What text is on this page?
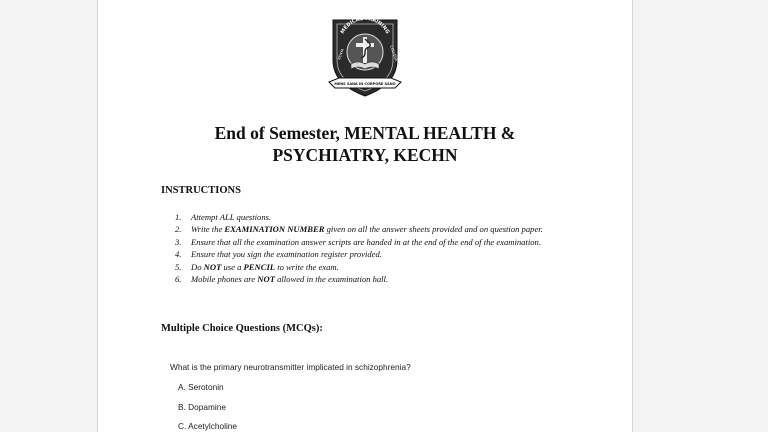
MEDICAL TRAINING
KENYA	COLLEGE
MENS SANA IN CORPORE SANO
End of Semester, MENTAL HEALTH &
PSYCHIATRY, KECHN
INSTRUCTIONS
1. Attempt ALL questions.
2. Write the EXAMINATION NUMBER given on all the answer sheets provided and on question paper.
3. Ensure that all the examination answer scripts are handed in at the end of the end of the examination.
4. Ensure that you sign the examination register provided.
5. Do NOT use a PENCIL to write the exam.
6. Mobile phones are NOT allowed in the examination hall.
Multiple Choice Questions (MCQs):
What is the primary neurotransmitter implicated in schizophrenia?
A. Serotonin
B. Dopamine
C. Acetylcholine
